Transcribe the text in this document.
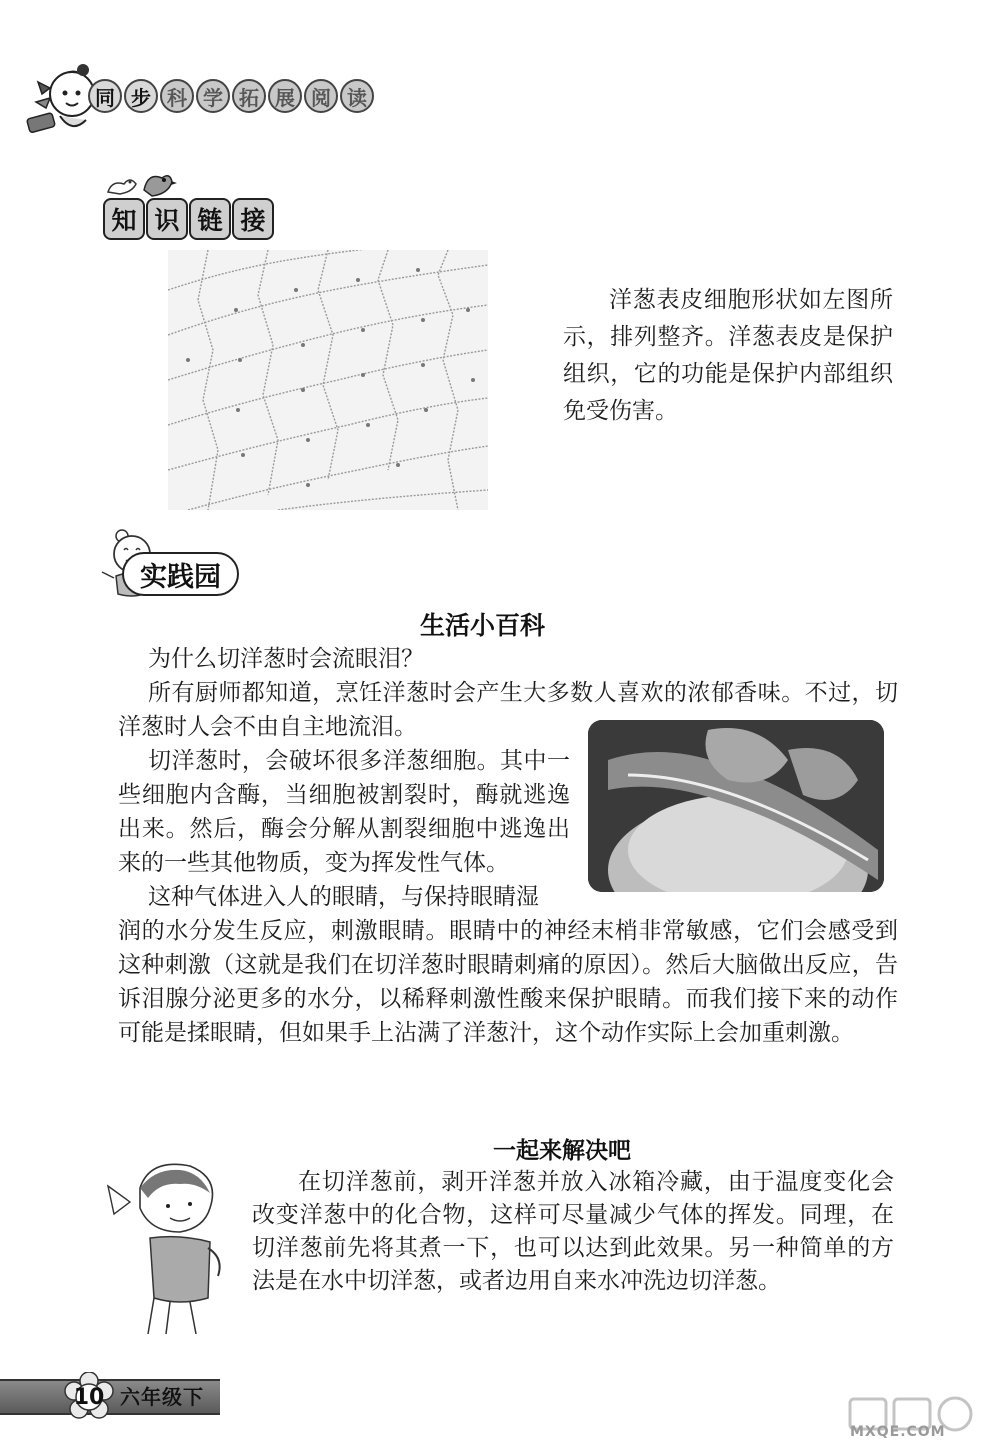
同 步 科 学 拓 展 阅 读
知 识 链 接

洋葱表皮细胞形状如左图所示，排列整齐。洋葱表皮是保护组织，它的功能是保护内部组织免受伤害。

实践园
生活小百科
为什么切洋葱时会流眼泪？

所有厨师都知道，烹饪洋葱时会产生大多数人喜欢的浓郁香味。不过，切洋葱时人会不由自主地流泪。

切洋葱时，会破坏很多洋葱细胞。其中一些细胞内含酶，当细胞被割裂时，酶就逃逸出来。然后，酶会分解从割裂细胞中逃逸出来的一些其他物质，变为挥发性气体。

这种气体进入人的眼睛，与保持眼睛湿

润的水分发生反应，刺激眼睛。眼睛中的神经末梢非常敏感，它们会感受到这种刺激（这就是我们在切洋葱时眼睛刺痛的原因）。然后大脑做出反应，告诉泪腺分泌更多的水分，以稀释刺激性酸来保护眼睛。而我们接下来的动作可能是揉眼睛，但如果手上沾满了洋葱汁，这个动作实际上会加重刺激。
一起来解决吧

在切洋葱前，剥开洋葱并放入冰箱冷藏，由于温度变化会改变洋葱中的化合物，这样可尽量减少气体的挥发。同理，在切洋葱前先将其煮一下，也可以达到此效果。另一种简单的方法是在水中切洋葱，或者边用自来水冲洗边切洋葱。

10 六年级下
MXQE.COM
